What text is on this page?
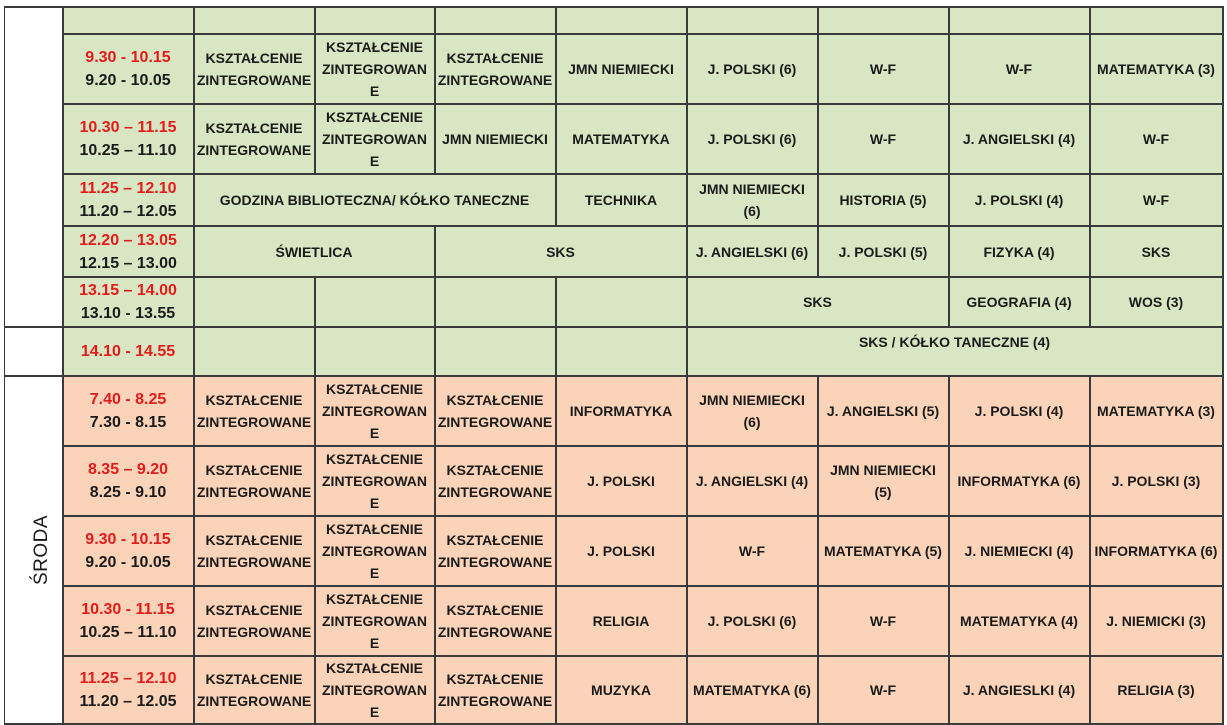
	9.30 - 10.15
9.20 - 10.05	KSZTAŁCENIE ZINTEGROWANE	KSZTAŁCENIE ZINTEGROWANE	KSZTAŁCENIE ZINTEGROWANE	JMN NIEMIECKI	J. POLSKI (6)	W-F	W-F	MATEMATYKA (3)

	10.30 – 11.15
10.25 – 11.10	KSZTAŁCENIE ZINTEGROWANE	KSZTAŁCENIE ZINTEGROWANE	JMN NIEMIECKI	MATEMATYKA	J. POLSKI (6)	W-F	J. ANGIELSKI (4)	W-F

	11.25 – 12.10
11.20 – 12.05	GODZINA BIBLIOTECZNA/ KÓŁKO TANECZNE			TECHNIKA	JMN NIEMIECKI (6)	HISTORIA (5)	J. POLSKI (4)	W-F

	12.20 – 13.05
12.15 – 13.00	ŚWIETLICA		SKS		J. ANGIELSKI (6)	J. POLSKI (5)	FIZYKA (4)	SKS

	13.15 – 14.00
13.10 - 13.55					SKS		GEOGRAFIA (4)	WOS (3)

	14.10 - 14.55					SKS / KÓŁKO TANECZNE (4)			
ŚRODA	7.40 - 8.25
7.30 - 8.15	KSZTAŁCENIE ZINTEGROWANE	KSZTAŁCENIE ZINTEGROWANE	KSZTAŁCENIE ZINTEGROWANE	INFORMATYKA	JMN NIEMIECKI (6)	J. ANGIELSKI (5)	J. POLSKI (4)	MATEMATYKA (3)

	8.35 – 9.20
8.25 - 9.10	KSZTAŁCENIE ZINTEGROWANE	KSZTAŁCENIE ZINTEGROWANE	KSZTAŁCENIE ZINTEGROWANE	J. POLSKI	J. ANGIELSKI (4)	JMN NIEMIECKI (5)	INFORMATYKA (6)	J. POLSKI (3)

	9.30 - 10.15
9.20 - 10.05	KSZTAŁCENIE ZINTEGROWANE	KSZTAŁCENIE ZINTEGROWANE	KSZTAŁCENIE ZINTEGROWANE	J. POLSKI	W-F	MATEMATYKA (5)	J. NIEMIECKI (4)	INFORMATYKA (6)

	10.30 - 11.15
10.25 – 11.10	KSZTAŁCENIE ZINTEGROWANE	KSZTAŁCENIE ZINTEGROWANE	KSZTAŁCENIE ZINTEGROWANE	RELIGIA	J. POLSKI (6)	W-F	MATEMATYKA (4)	J. NIEMICKI (3)

	11.25 – 12.10
11.20 – 12.05	KSZTAŁCENIE ZINTEGROWANE	KSZTAŁCENIE ZINTEGROWANE	KSZTAŁCENIE ZINTEGROWANE	MUZYKA	MATEMATYKA (6)	W-F	J. ANGIESLKI (4)	RELIGIA (3)
